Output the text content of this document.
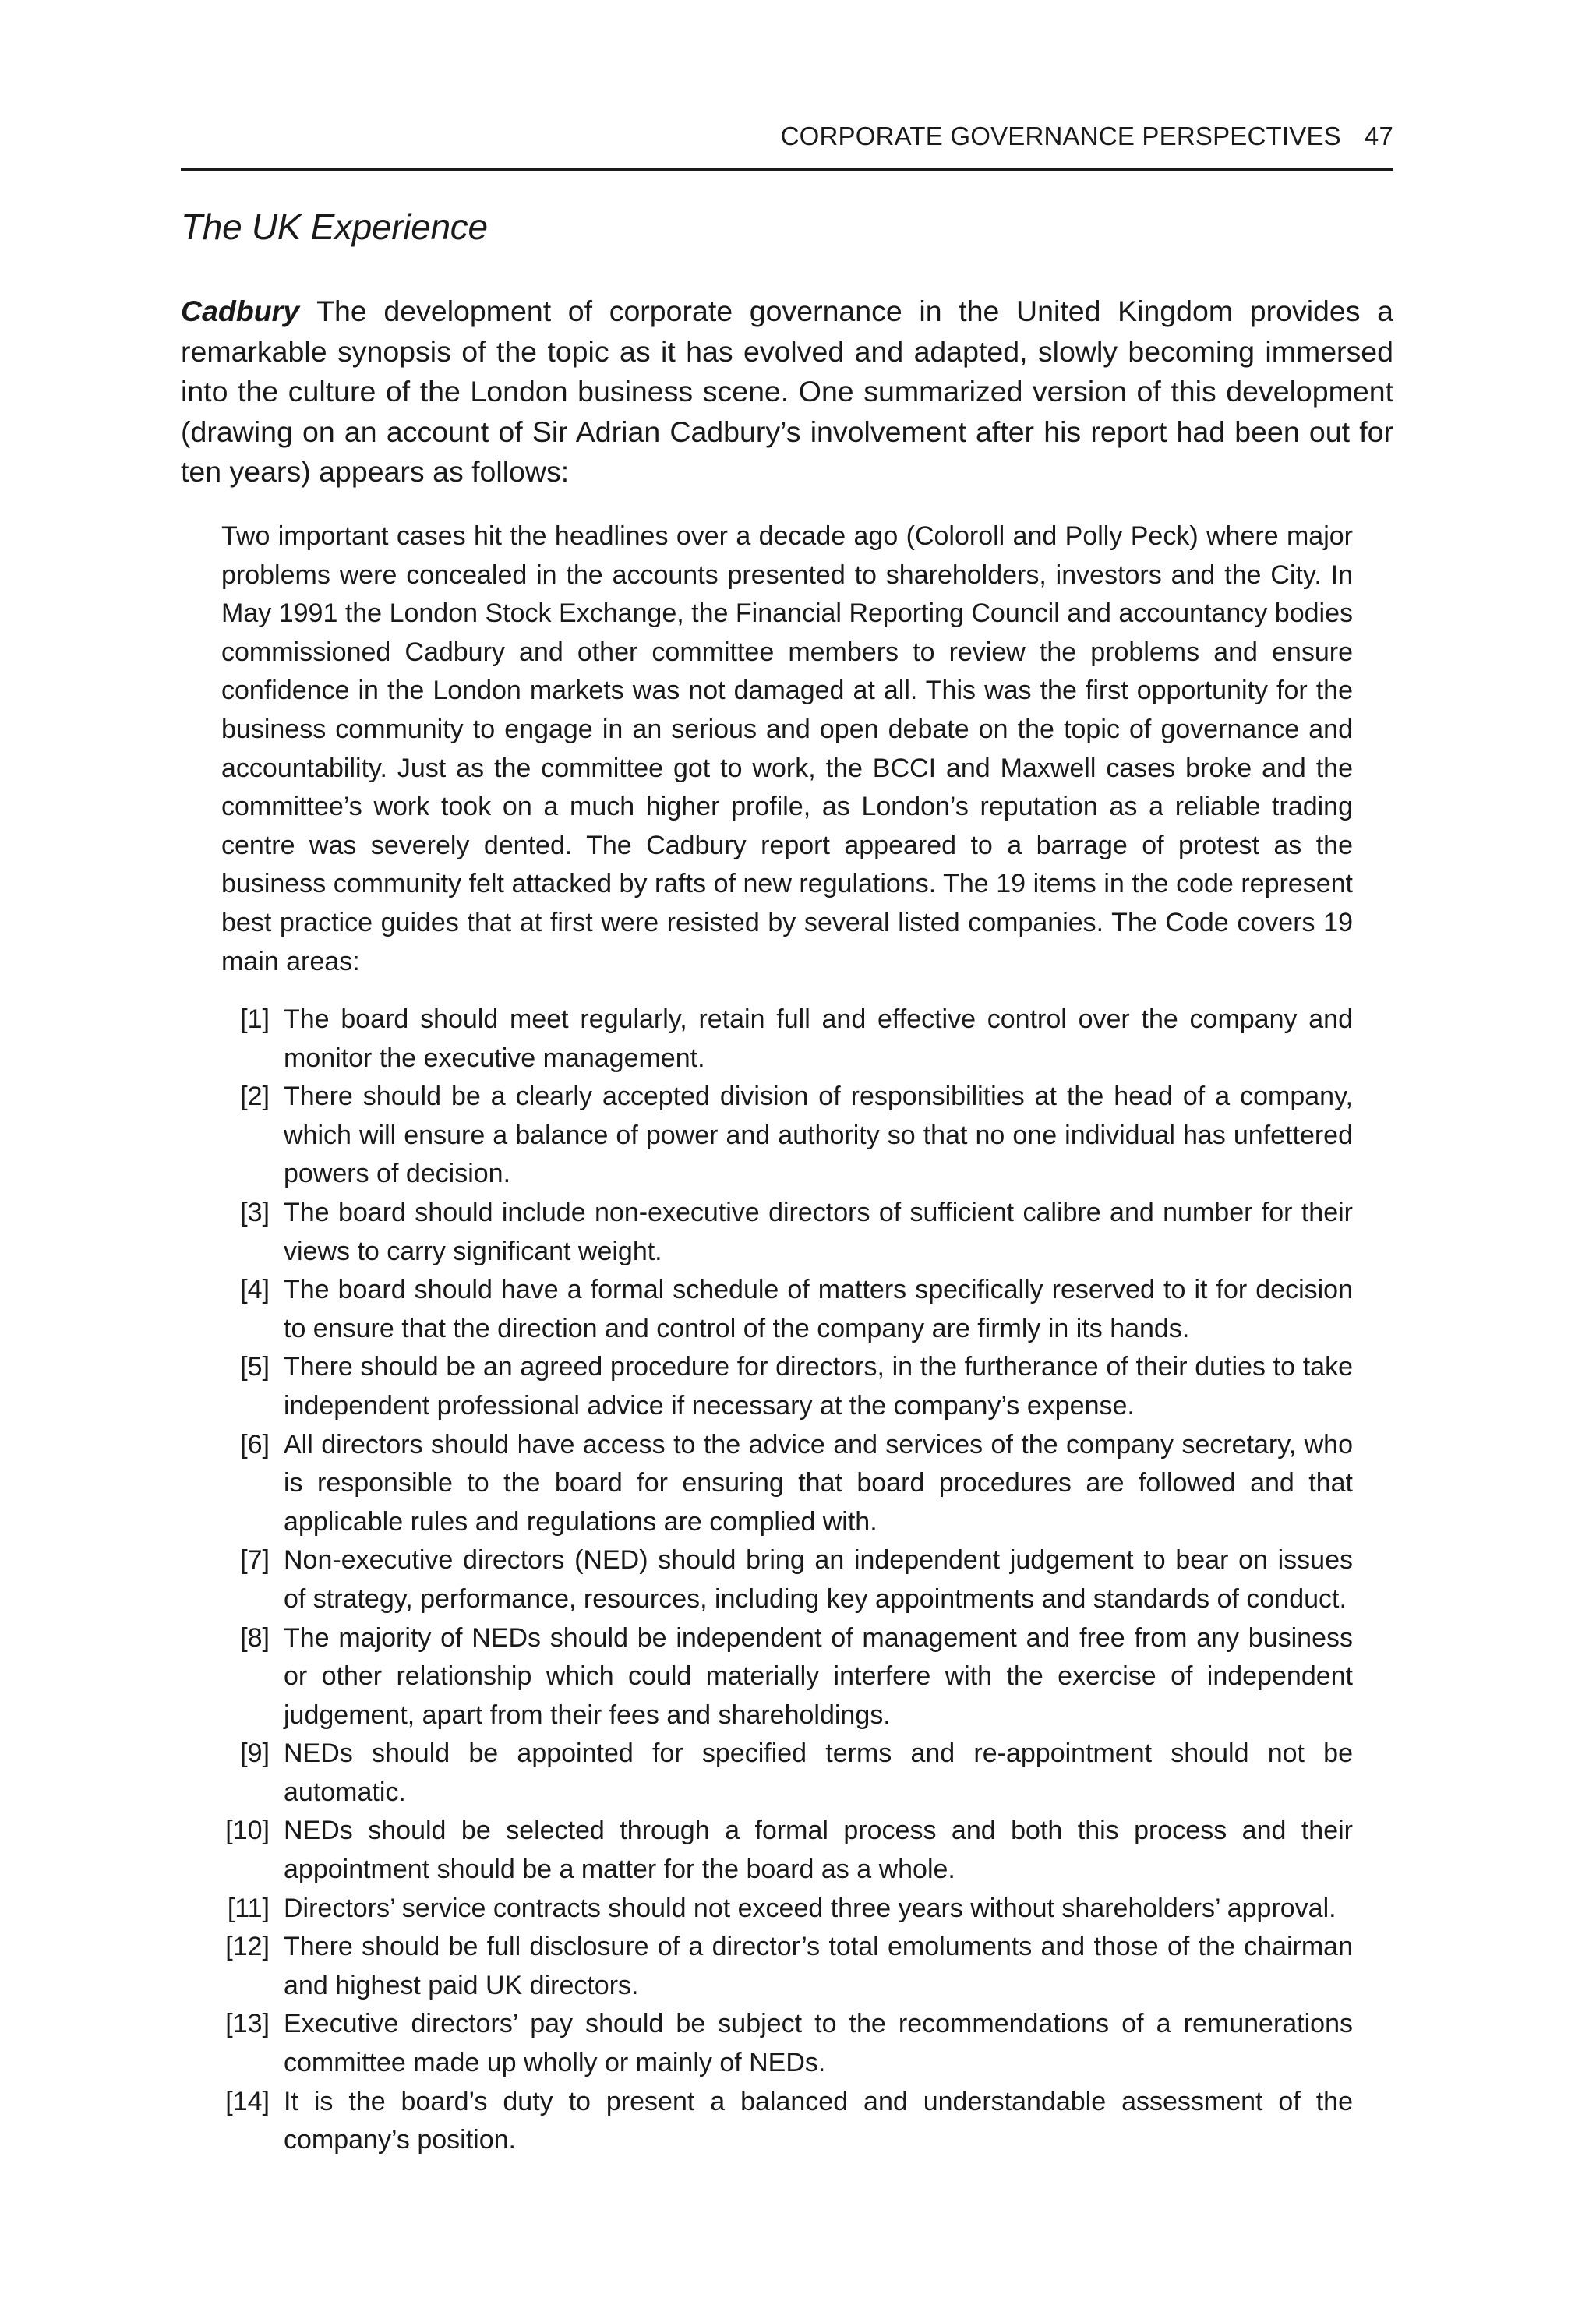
CORPORATE GOVERNANCE PERSPECTIVES 47
The UK Experience

Cadbury The development of corporate governance in the United Kingdom provides a remarkable synopsis of the topic as it has evolved and adapted, slowly becoming immersed into the culture of the London business scene. One summarized version of this development (drawing on an account of Sir Adrian Cadbury’s involvement after his report had been out for ten years) appears as follows:

Two important cases hit the headlines over a decade ago (Coloroll and Polly Peck) where major problems were concealed in the accounts presented to shareholders, investors and the City. In May 1991 the London Stock Exchange, the Financial Reporting Council and accountancy bodies commissioned Cadbury and other committee members to review the problems and ensure confidence in the London markets was not damaged at all. This was the first opportunity for the business community to engage in an serious and open debate on the topic of governance and accountability. Just as the committee got to work, the BCCI and Maxwell cases broke and the committee’s work took on a much higher profile, as London’s reputation as a reliable trading centre was severely dented. The Cadbury report appeared to a barrage of protest as the business community felt attacked by rafts of new regulations. The 19 items in the code represent best practice guides that at first were resisted by several listed companies. The Code covers 19 main areas:

[1] The board should meet regularly, retain full and effective control over the company and monitor the executive management.
[2] There should be a clearly accepted division of responsibilities at the head of a company, which will ensure a balance of power and authority so that no one individual has unfettered powers of decision.
[3] The board should include non-executive directors of sufficient calibre and number for their views to carry significant weight.
[4] The board should have a formal schedule of matters specifically reserved to it for decision to ensure that the direction and control of the company are firmly in its hands.
[5] There should be an agreed procedure for directors, in the furtherance of their duties to take independent professional advice if necessary at the company’s expense.
[6] All directors should have access to the advice and services of the company secretary, who is responsible to the board for ensuring that board procedures are followed and that applicable rules and regulations are complied with.
[7] Non-executive directors (NED) should bring an independent judgement to bear on issues of strategy, performance, resources, including key appointments and standards of conduct.
[8] The majority of NEDs should be independent of management and free from any business or other relationship which could materially interfere with the exercise of independent judgement, apart from their fees and shareholdings.
[9] NEDs should be appointed for specified terms and re-appointment should not be automatic.
[10] NEDs should be selected through a formal process and both this process and their appointment should be a matter for the board as a whole.
[11] Directors’ service contracts should not exceed three years without shareholders’ approval.
[12] There should be full disclosure of a director’s total emoluments and those of the chairman and highest paid UK directors.
[13] Executive directors’ pay should be subject to the recommendations of a remunerations committee made up wholly or mainly of NEDs.
[14] It is the board’s duty to present a balanced and understandable assessment of the company’s position.
